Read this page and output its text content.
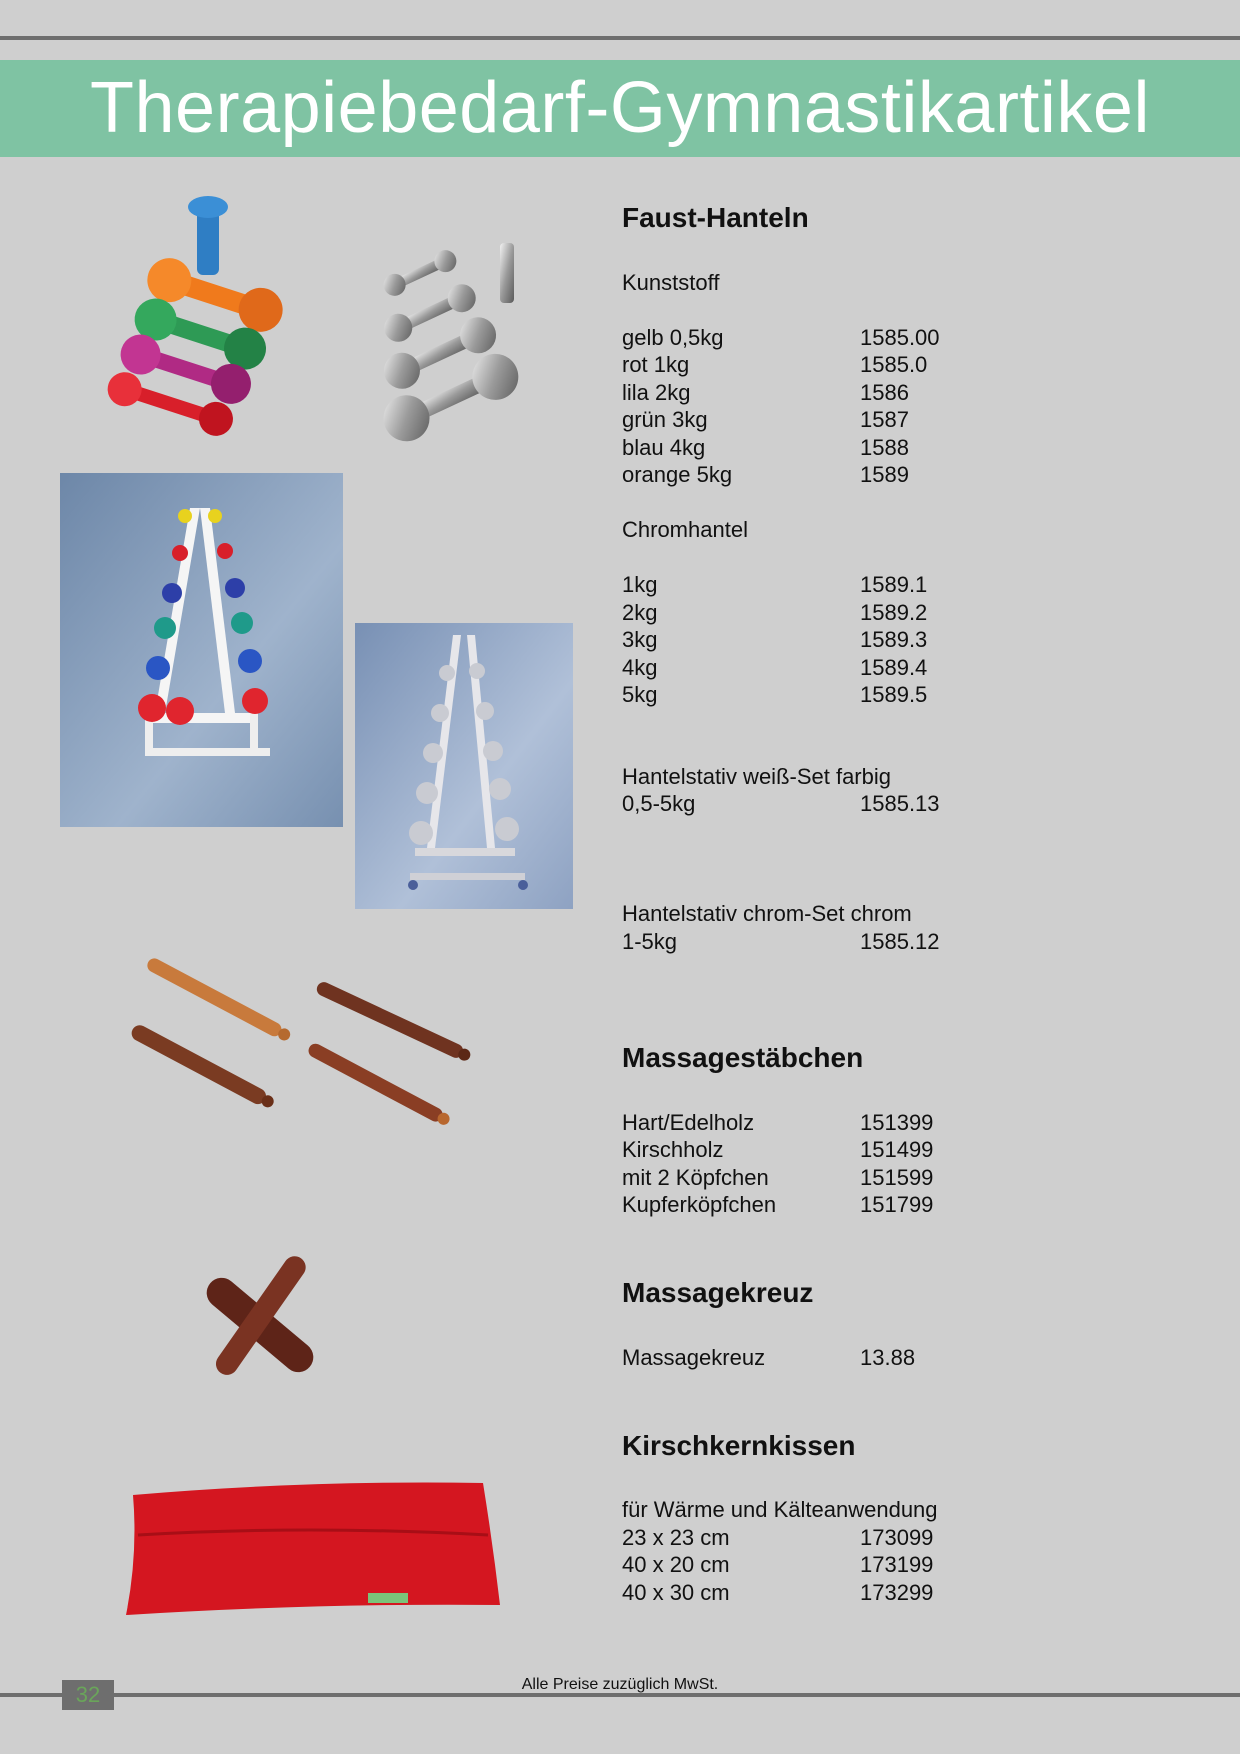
Therapiebedarf-Gymnastikartikel
Faust-Hanteln
Kunststoff
gelb 0,5kg	1585.00
rot 1kg	1585.0
lila 2kg	1586
grün 3kg	1587
blau 4kg	1588
orange 5kg	1589
Chromhantel
1kg	1589.1
2kg	1589.2
3kg	1589.3
4kg	1589.4
5kg	1589.5
Hantelstativ weiß-Set farbig
0,5-5kg	1585.13
Hantelstativ chrom-Set chrom
1-5kg	1585.12
Massagestäbchen
Hart/Edelholz	151399
Kirschholz	151499
mit 2 Köpfchen	151599
Kupferköpfchen	151799
Massagekreuz
Massagekreuz	13.88
Kirschkernkissen
für Wärme und Kälteanwendung
23 x 23 cm	173099
40 x 20 cm	173199
40 x 30 cm	173299
Alle Preise zuzüglich MwSt.
32
